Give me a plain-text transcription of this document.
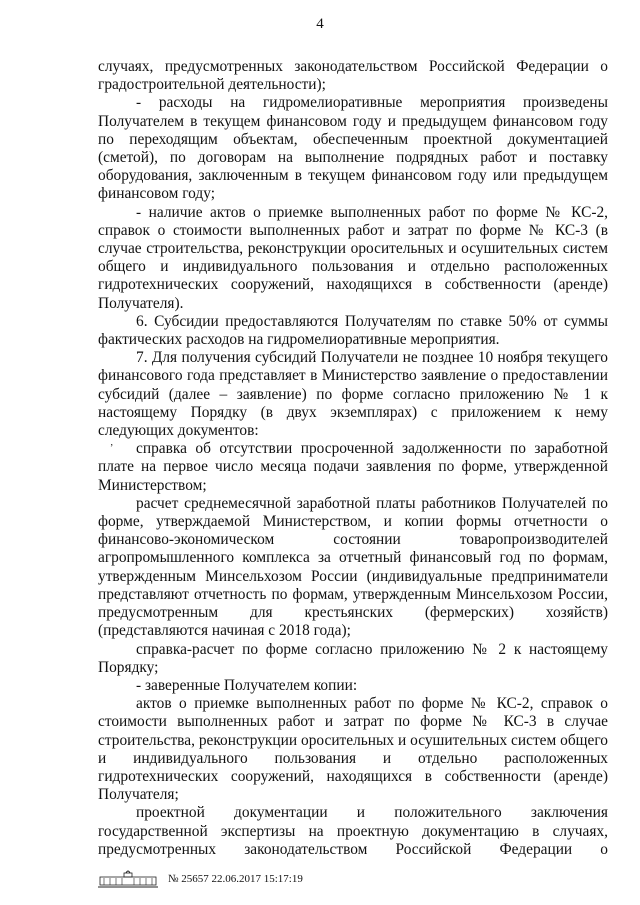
4

случаях, предусмотренных законодательством Российской Федерации о градостроительной деятельности);

- расходы на гидромелиоративные мероприятия произведены Получателем в текущем финансовом году и предыдущем финансовом году по переходящим объектам, обеспеченным проектной документацией (сметой), по договорам на выполнение подрядных работ и поставку оборудования, заключенным в текущем финансовом году или предыдущем финансовом году;

- наличие актов о приемке выполненных работ по форме № КС-2, справок о стоимости выполненных работ и затрат по форме № КС-3 (в случае строительства, реконструкции оросительных и осушительных систем общего и индивидуального пользования и отдельно расположенных гидротехнических сооружений, находящихся в собственности (аренде) Получателя).

6. Субсидии предоставляются Получателям по ставке 50% от суммы фактических расходов на гидромелиоративные мероприятия.

7. Для получения субсидий Получатели не позднее 10 ноября текущего финансового года представляет в Министерство заявление о предоставлении субсидий (далее – заявление) по форме согласно приложению № 1 к настоящему Порядку (в двух экземплярах) с приложением к нему следующих документов:

справка об отсутствии просроченной задолженности по заработной плате на первое число месяца подачи заявления по форме, утвержденной Министерством;

расчет среднемесячной заработной платы работников Получателей по форме, утверждаемой Министерством, и копии формы отчетности о финансово-экономическом состоянии товаропроизводителей агропромышленного комплекса за отчетный финансовый год по формам, утвержденным Минсельхозом России (индивидуальные предприниматели представляют отчетность по формам, утвержденным Минсельхозом России, предусмотренным для крестьянских (фермерских) хозяйств) (представляются начиная с 2018 года);

справка-расчет по форме согласно приложению № 2 к настоящему Порядку;

- заверенные Получателем копии:

актов о приемке выполненных работ по форме № КС-2, справок о стоимости выполненных работ и затрат по форме № КС-3 в случае строительства, реконструкции оросительных и осушительных систем общего и индивидуального пользования и отдельно расположенных гидротехнических сооружений, находящихся в собственности (аренде) Получателя;

проектной документации и положительного заключения государственной экспертизы на проектную документацию в случаях, предусмотренных законодательством Российской Федерации о

№ 25657 22.06.2017 15:17:19
‚
